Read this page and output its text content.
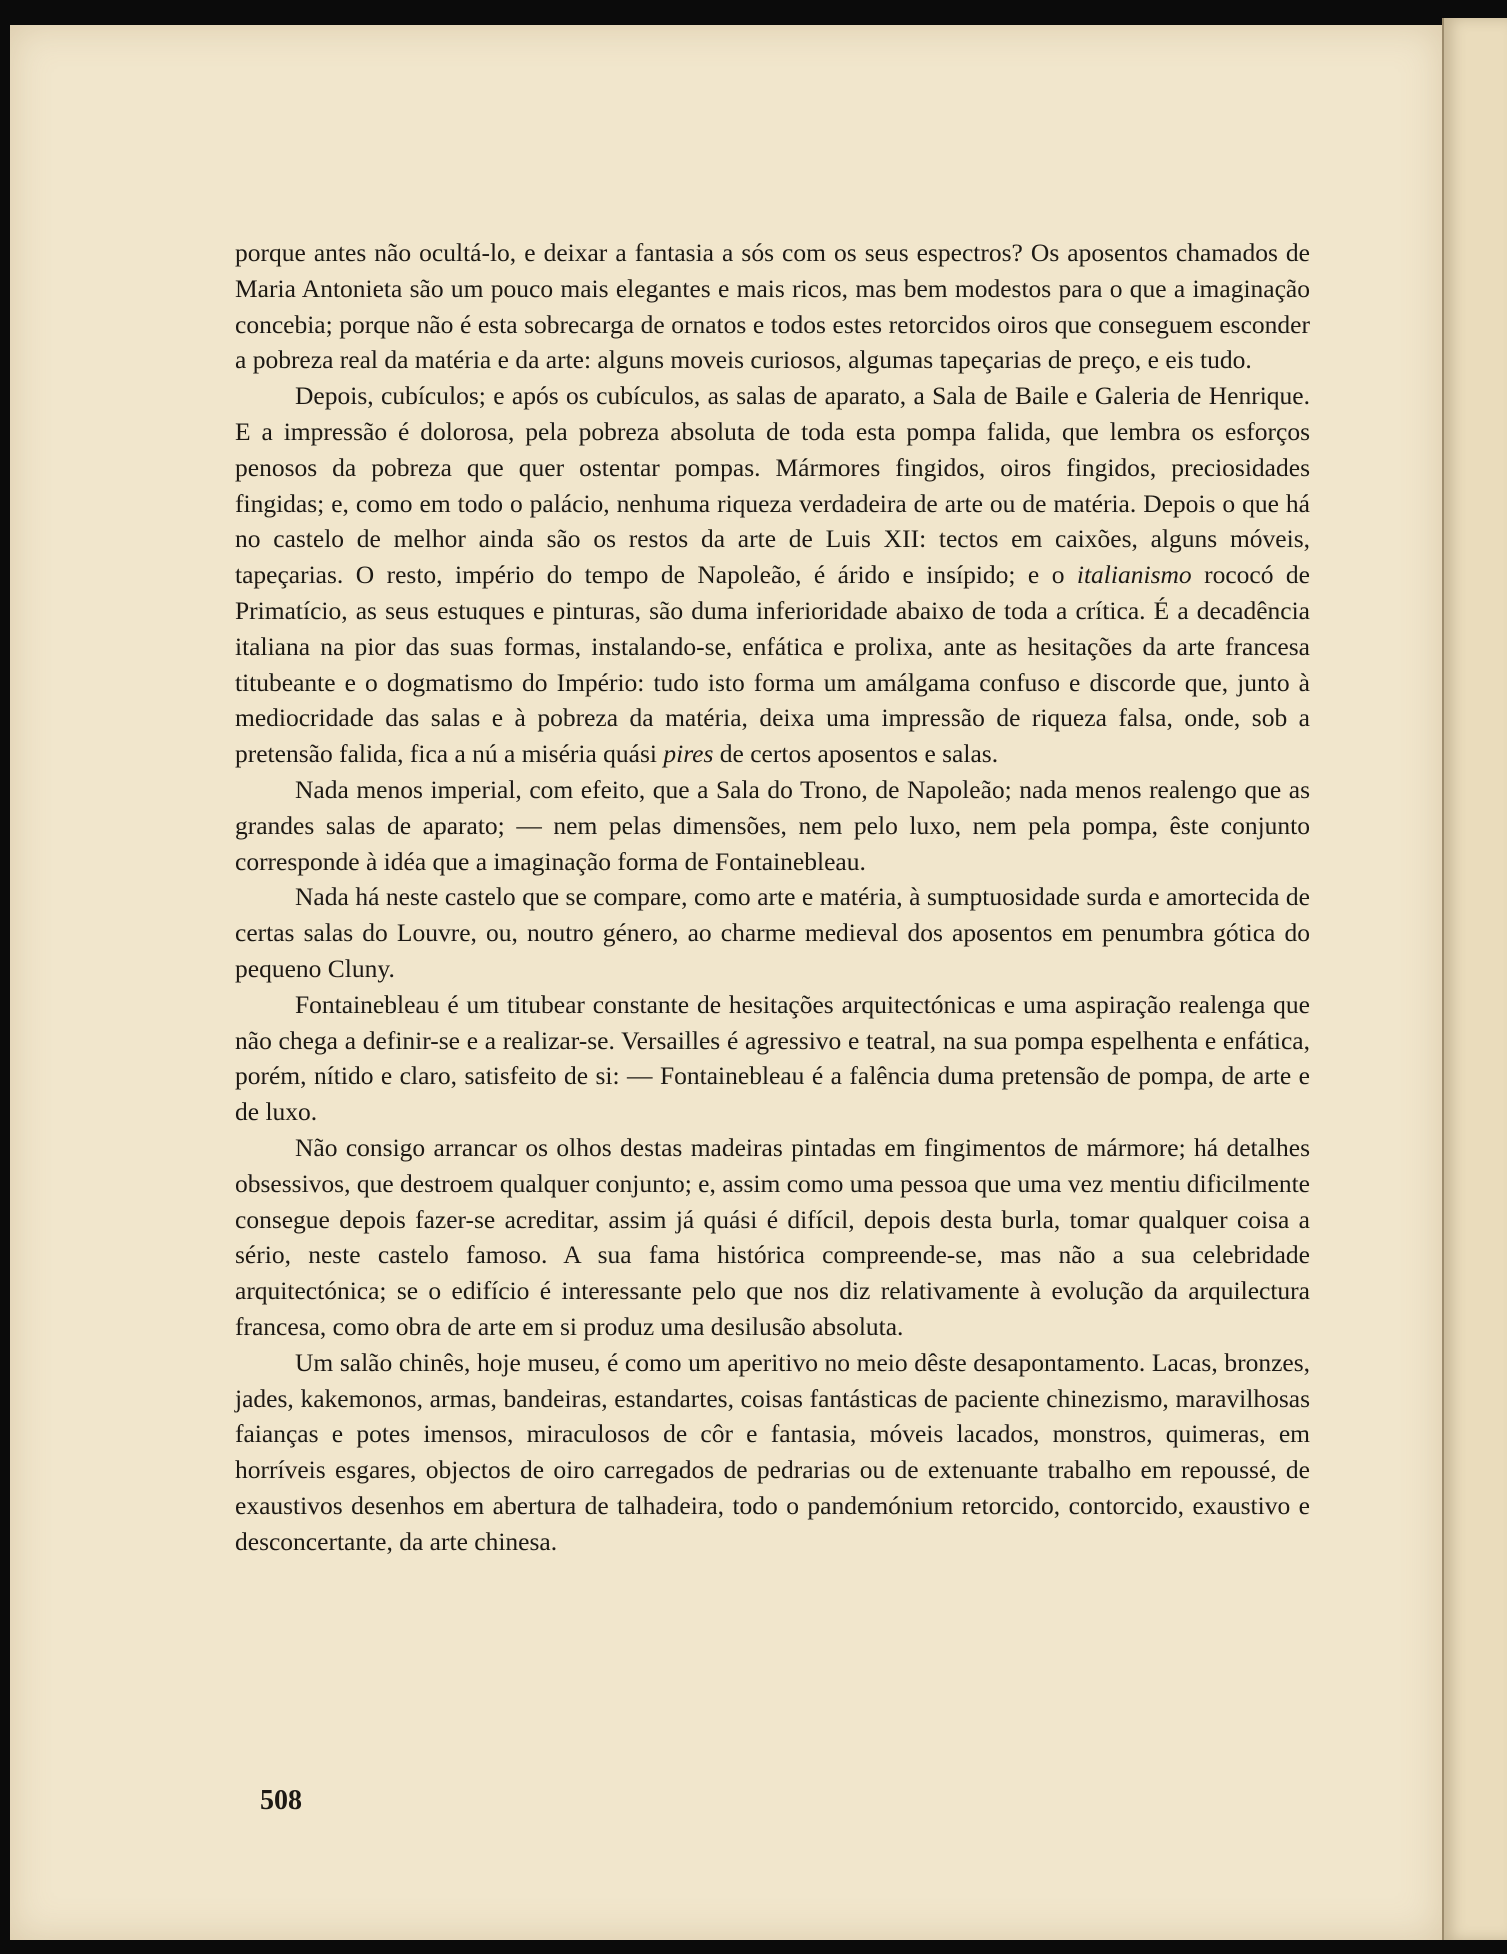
porque antes não ocultá-lo, e deixar a fantasia a sós com os seus espectros? Os aposentos chamados de Maria Antonieta são um pouco mais elegantes e mais ricos, mas bem modestos para o que a imaginação concebia; porque não é esta sobrecarga de ornatos e todos estes retorcidos oiros que conseguem esconder a pobreza real da matéria e da arte: alguns moveis curiosos, algumas tapeçarias de preço, e eis tudo.

Depois, cubículos; e após os cubículos, as salas de aparato, a Sala de Baile e Galeria de Henrique. E a impressão é dolorosa, pela pobreza absoluta de toda esta pompa falida, que lembra os esforços penosos da pobreza que quer ostentar pompas. Mármores fingidos, oiros fingidos, preciosidades fingidas; e, como em todo o palácio, nenhuma riqueza verdadeira de arte ou de matéria. Depois o que há no castelo de melhor ainda são os restos da arte de Luis XII: tectos em caixões, alguns móveis, tapeçarias. O resto, império do tempo de Napoleão, é árido e insípido; e o italianismo rococó de Primatício, as seus estuques e pinturas, são duma inferioridade abaixo de toda a crítica. É a decadência italiana na pior das suas formas, instalando-se, enfática e prolixa, ante as hesitações da arte francesa titubeante e o dogmatismo do Império: tudo isto forma um amálgama confuso e discorde que, junto à mediocridade das salas e à pobreza da matéria, deixa uma impressão de riqueza falsa, onde, sob a pretensão falida, fica a nú a miséria quási pires de certos aposentos e salas.

Nada menos imperial, com efeito, que a Sala do Trono, de Napoleão; nada menos realengo que as grandes salas de aparato; — nem pelas dimensões, nem pelo luxo, nem pela pompa, êste conjunto corresponde à idéa que a imaginação forma de Fontainebleau.

Nada há neste castelo que se compare, como arte e matéria, à sumptuosidade surda e amortecida de certas salas do Louvre, ou, noutro género, ao charme medieval dos aposentos em penumbra gótica do pequeno Cluny.

Fontainebleau é um titubear constante de hesitações arquitectónicas e uma aspiração realenga que não chega a definir-se e a realizar-se. Versailles é agressivo e teatral, na sua pompa espelhenta e enfática, porém, nítido e claro, satisfeito de si: — Fontainebleau é a falência duma pretensão de pompa, de arte e de luxo.

Não consigo arrancar os olhos destas madeiras pintadas em fingimentos de mármore; há detalhes obsessivos, que destroem qualquer conjunto; e, assim como uma pessoa que uma vez mentiu dificilmente consegue depois fazer-se acreditar, assim já quási é difícil, depois desta burla, tomar qualquer coisa a sério, neste castelo famoso. A sua fama histórica compreende-se, mas não a sua celebridade arquitectónica; se o edifício é interessante pelo que nos diz relativamente à evolução da arquilectura francesa, como obra de arte em si produz uma desilusão absoluta.

Um salão chinês, hoje museu, é como um aperitivo no meio dêste desapontamento. Lacas, bronzes, jades, kakemonos, armas, bandeiras, estandartes, coisas fantásticas de paciente chinezismo, maravilhosas faianças e potes imensos, miraculosos de côr e fantasia, móveis lacados, monstros, quimeras, em horríveis esgares, objectos de oiro carregados de pedrarias ou de extenuante trabalho em repoussé, de exaustivos desenhos em abertura de talhadeira, todo o pandemónium retorcido, contorcido, exaustivo e desconcertante, da arte chinesa.

508
